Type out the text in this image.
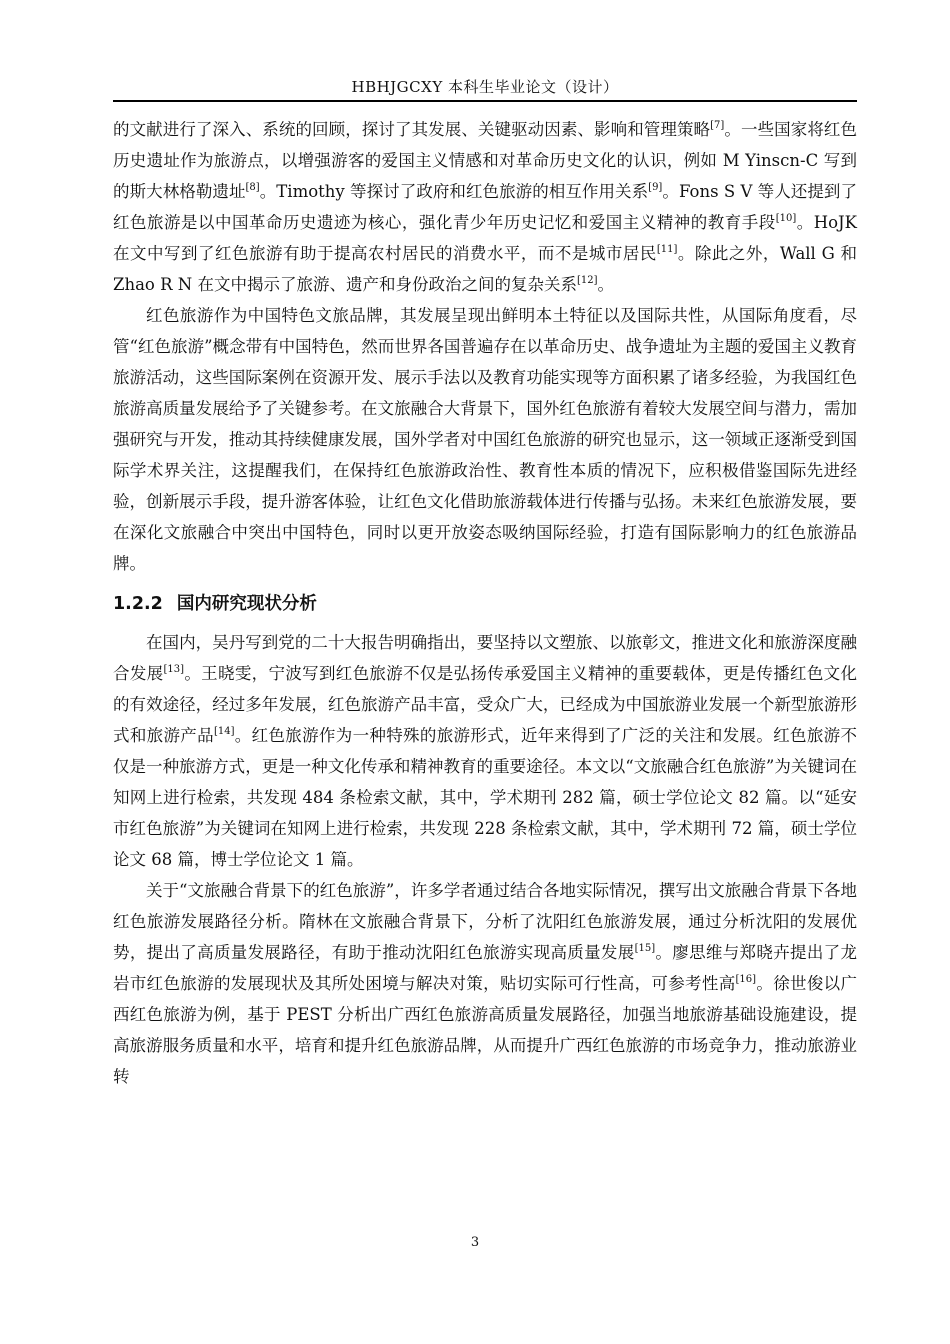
HBHJGCXY 本科生毕业论文（设计）

的文献进行了深入、系统的回顾，探讨了其发展、关键驱动因素、影响和管理策略[7]。一些国家将红色历史遗址作为旅游点，以增强游客的爱国主义情感和对革命历史文化的认识，例如 M Yinscn-C 写到的斯大林格勒遗址[8]。Timothy 等探讨了政府和红色旅游的相互作用关系[9]。Fons S V 等人还提到了红色旅游是以中国革命历史遗迹为核心，强化青少年历史记忆和爱国主义精神的教育手段[10]。HoJK 在文中写到了红色旅游有助于提高农村居民的消费水平，而不是城市居民[11]。除此之外，Wall G 和 Zhao R N 在文中揭示了旅游、遗产和身份政治之间的复杂关系[12]。

红色旅游作为中国特色文旅品牌，其发展呈现出鲜明本土特征以及国际共性，从国际角度看，尽管“红色旅游”概念带有中国特色，然而世界各国普遍存在以革命历史、战争遗址为主题的爱国主义教育旅游活动，这些国际案例在资源开发、展示手法以及教育功能实现等方面积累了诸多经验，为我国红色旅游高质量发展给予了关键参考。在文旅融合大背景下，国外红色旅游有着较大发展空间与潜力，需加强研究与开发，推动其持续健康发展，国外学者对中国红色旅游的研究也显示，这一领域正逐渐受到国际学术界关注，这提醒我们，在保持红色旅游政治性、教育性本质的情况下，应积极借鉴国际先进经验，创新展示手段，提升游客体验，让红色文化借助旅游载体进行传播与弘扬。未来红色旅游发展，要在深化文旅融合中突出中国特色，同时以更开放姿态吸纳国际经验，打造有国际影响力的红色旅游品牌。

1.2.2 国内研究现状分析

在国内，吴丹写到党的二十大报告明确指出，要坚持以文塑旅、以旅彰文，推进文化和旅游深度融合发展[13]。王晓雯，宁波写到红色旅游不仅是弘扬传承爱国主义精神的重要载体，更是传播红色文化的有效途径，经过多年发展，红色旅游产品丰富，受众广大，已经成为中国旅游业发展一个新型旅游形式和旅游产品[14]。红色旅游作为一种特殊的旅游形式，近年来得到了广泛的关注和发展。红色旅游不仅是一种旅游方式，更是一种文化传承和精神教育的重要途径。本文以“文旅融合红色旅游”为关键词在知网上进行检索，共发现 484 条检索文献，其中，学术期刊 282 篇，硕士学位论文 82 篇。以“延安市红色旅游”为关键词在知网上进行检索，共发现 228 条检索文献，其中，学术期刊 72 篇，硕士学位论文 68 篇，博士学位论文 1 篇。

关于“文旅融合背景下的红色旅游”，许多学者通过结合各地实际情况，撰写出文旅融合背景下各地红色旅游发展路径分析。隋林在文旅融合背景下，分析了沈阳红色旅游发展，通过分析沈阳的发展优势，提出了高质量发展路径，有助于推动沈阳红色旅游实现高质量发展[15]。廖思维与郑晓卉提出了龙岩市红色旅游的发展现状及其所处困境与解决对策，贴切实际可行性高，可参考性高[16]。徐世俊以广西红色旅游为例，基于 PEST 分析出广西红色旅游高质量发展路径，加强当地旅游基础设施建设，提高旅游服务质量和水平，培育和提升红色旅游品牌，从而提升广西红色旅游的市场竞争力，推动旅游业转

3
